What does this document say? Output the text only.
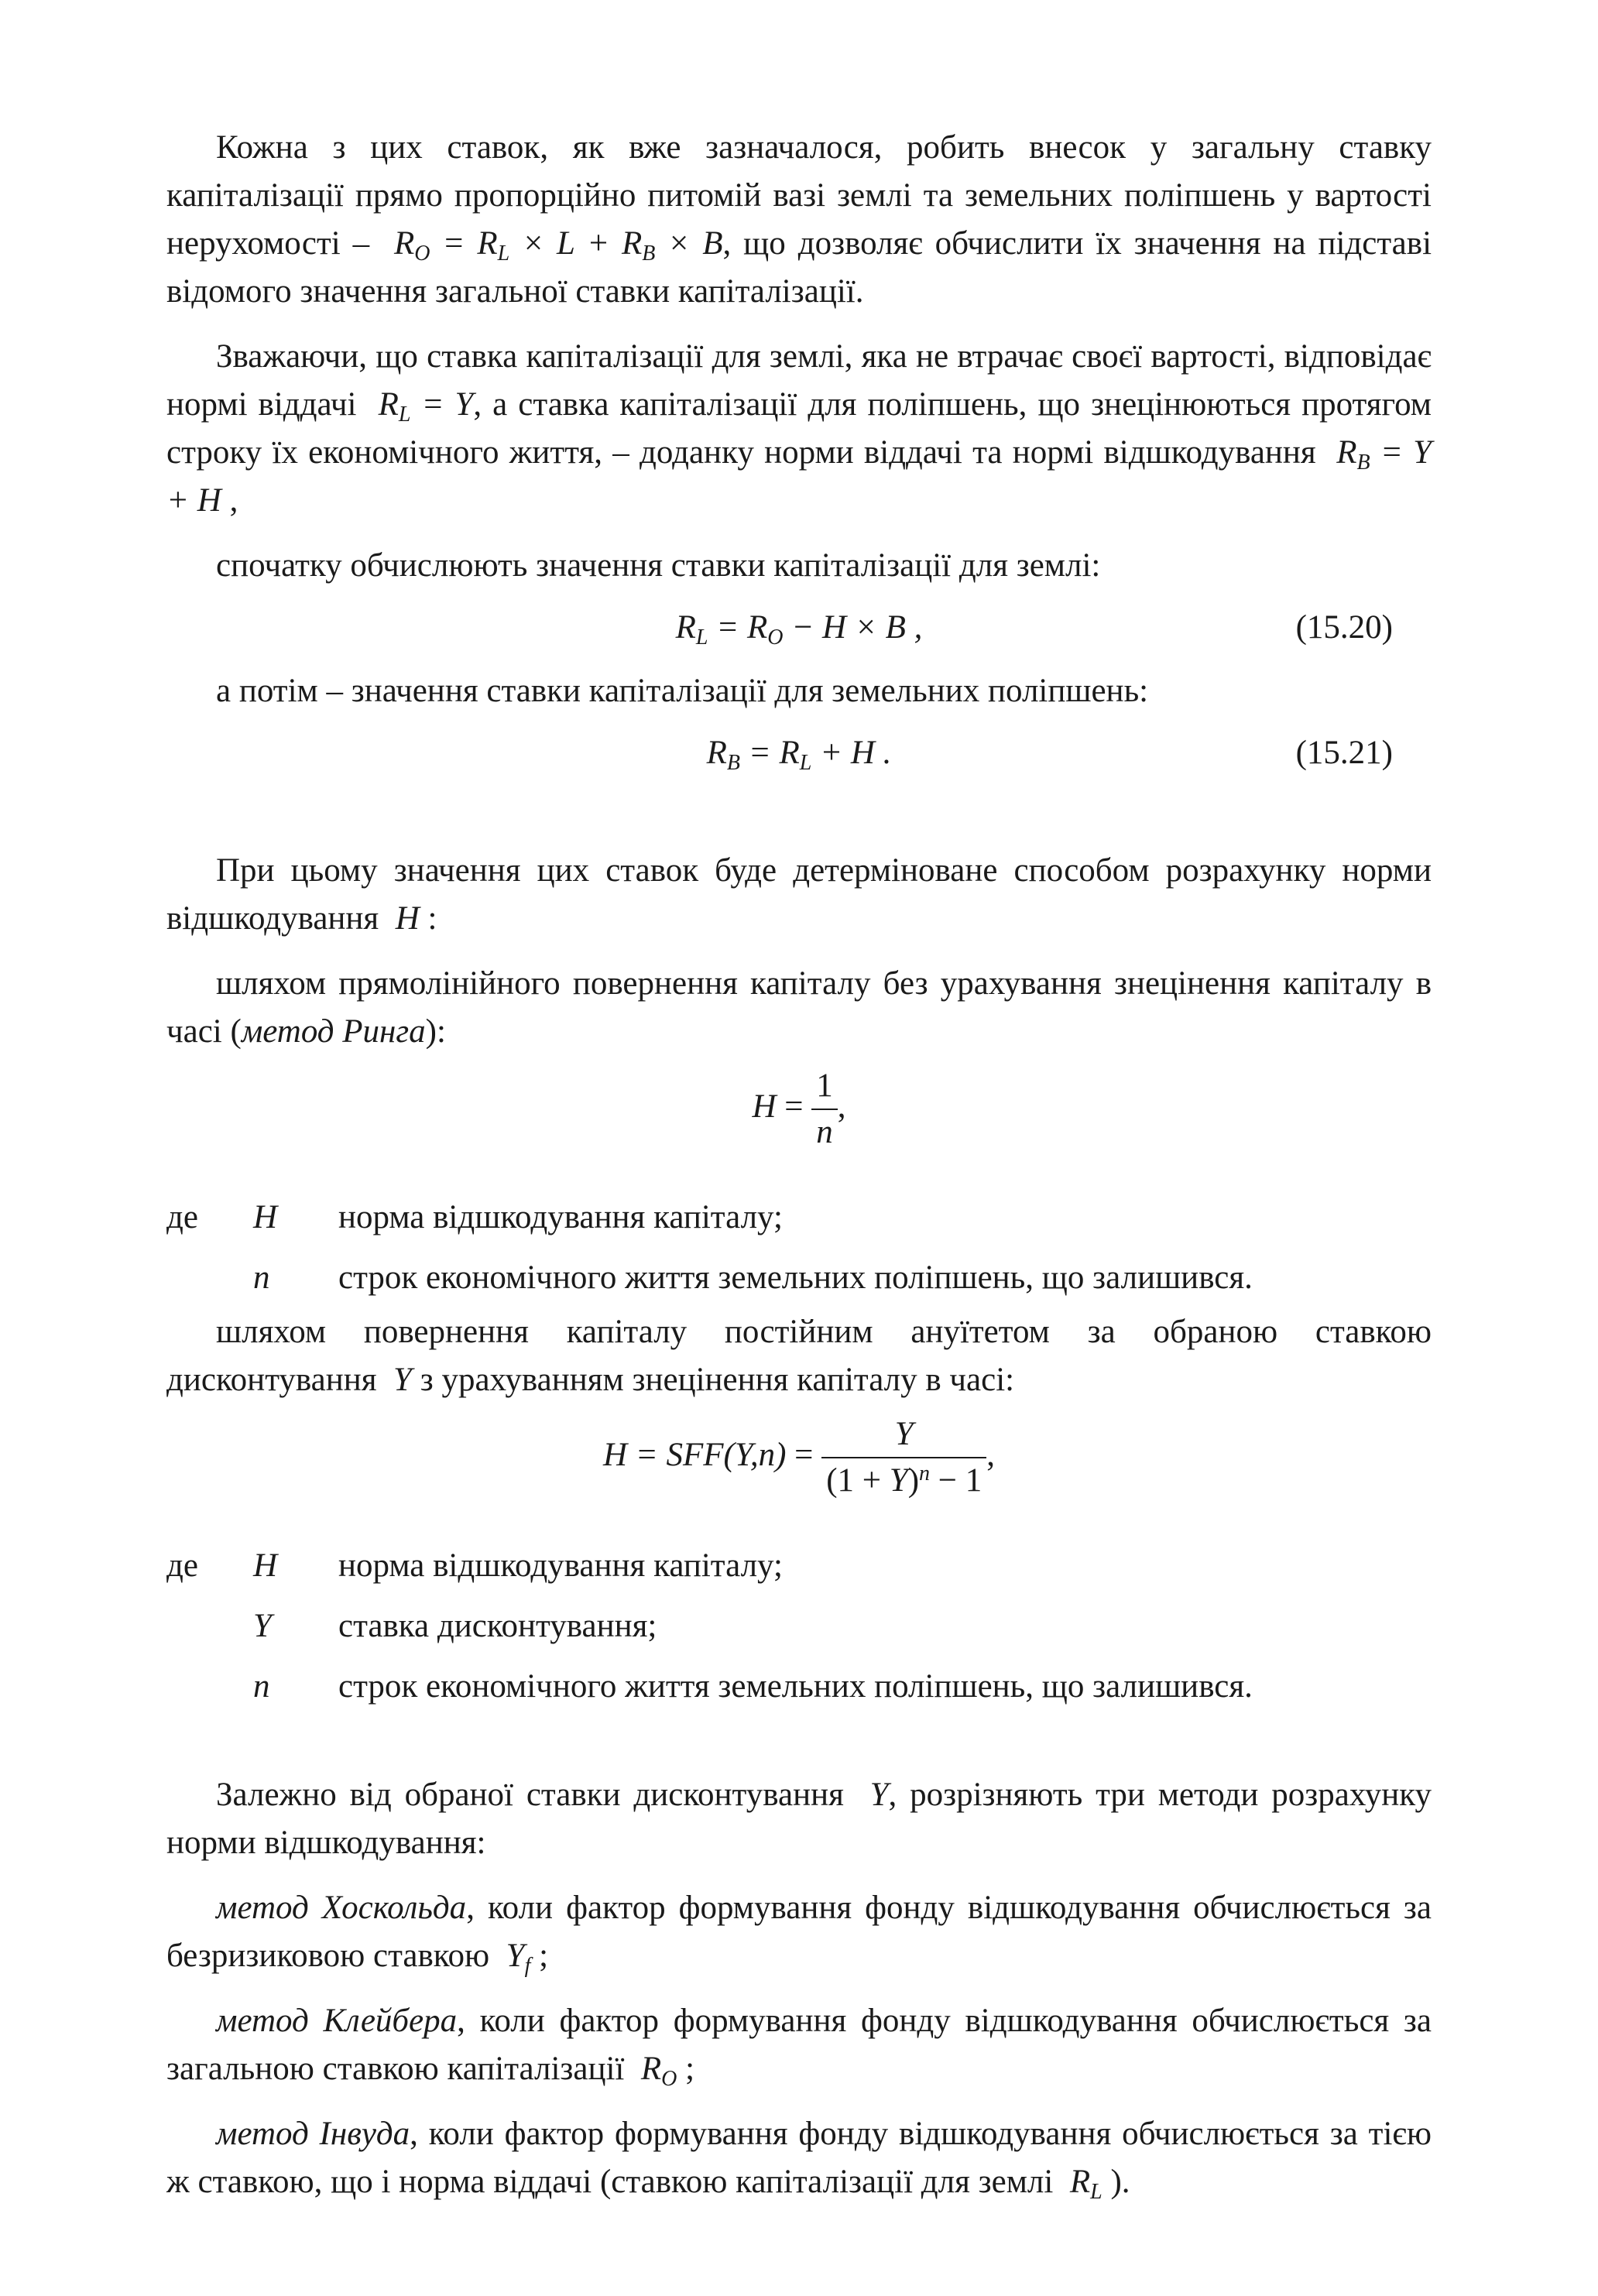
Кожна з цих ставок, як вже зазначалося, робить внесок у загальну ставку капіталізації прямо пропорційно питомій вазі землі та земельних поліпшень у вартості нерухомості – $R_O = R_L \times L + R_B \times B$, що дозволяє обчислити їх значення на підставі відомого значення загальної ставки капіталізації.

Зважаючи, що ставка капіталізації для землі, яка не втрачає своєї вартості, відповідає нормі віддачі $R_L = Y$, а ставка капіталізації для поліпшень, що знецінюються протягом строку їх економічного життя, – доданку норми віддачі та нормі відшкодування $R_B = Y + H$ ,

спочатку обчислюють значення ставки капіталізації для землі:

$R_L = R_O - H \times B$ ,	(15.20)

а потім – значення ставки капіталізації для земельних поліпшень:

$R_B = R_L + H$ .	(15.21)

При цьому значення цих ставок буде детерміноване способом розрахунку норми відшкодування H :

шляхом прямолінійного повернення капіталу без урахування знецінення капіталу в часі (метод Ринга):

$H = \frac{1}{n}$ ,
де H норма відшкодування капіталу;
n строк економічного життя земельних поліпшень, що залишився.

шляхом повернення капіталу постійним ануїтетом за обраною ставкою дисконтування Y з урахуванням знецінення капіталу в часі:

$H = SFF(Y,n) = \frac{Y}{(1 + Y)^n - 1}$ ,
де H норма відшкодування капіталу;
Y ставка дисконтування;
n строк економічного життя земельних поліпшень, що залишився.

Залежно від обраної ставки дисконтування Y, розрізняють три методи розрахунку норми відшкодування:

метод Хоскольда, коли фактор формування фонду відшкодування обчислюється за безризиковою ставкою $Y_f$ ;

метод Клейбера, коли фактор формування фонду відшкодування обчислюється за загальною ставкою капіталізації $R_O$ ;

метод Інвуда, коли фактор формування фонду відшкодування обчислюється за тією ж ставкою, що і норма віддачі (ставкою капіталізації для землі $R_L$ ).
